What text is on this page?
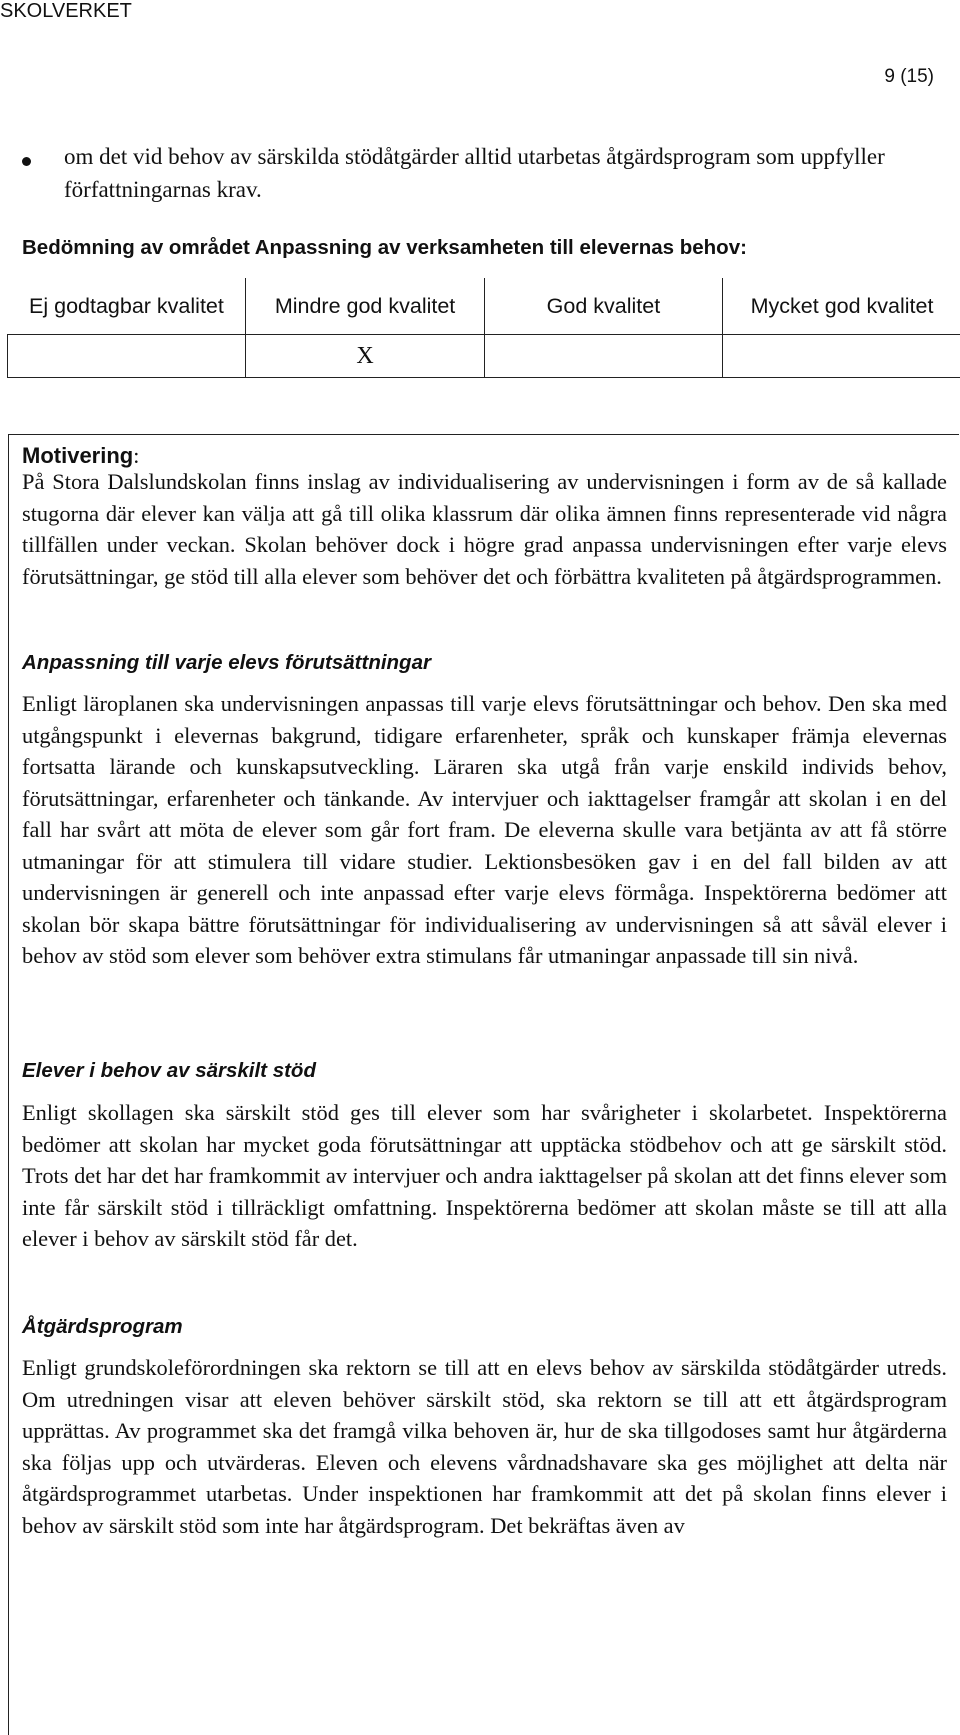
SKOLVERKET
9 (15)
om det vid behov av särskilda stödåtgärder alltid utarbetas åtgärdsprogram som uppfyller författningarnas krav.
Bedömning av området Anpassning av verksamheten till elevernas behov:
Ej godtagbar kvalitet	Mindre god kvalitet	God kvalitet	Mycket god kvalitet
	X		
Motivering:

På Stora Dalslundskolan finns inslag av individualisering av undervisningen i form av de så kallade stugorna där elever kan välja att gå till olika klassrum där olika ämnen finns representerade vid några tillfällen under veckan. Skolan behöver dock i högre grad anpassa undervisningen efter varje elevs förutsättningar, ge stöd till alla elever som behöver det och förbättra kvaliteten på åtgärdsprogrammen.

Anpassning till varje elevs förutsättningar

Enligt läroplanen ska undervisningen anpassas till varje elevs förutsättningar och behov. Den ska med utgångspunkt i elevernas bakgrund, tidigare erfarenheter, språk och kunskaper främja elevernas fortsatta lärande och kunskapsutveckling. Läraren ska utgå från varje enskild individs behov, förutsättningar, erfarenheter och tänkande. Av intervjuer och iakttagelser framgår att skolan i en del fall har svårt att möta de elever som går fort fram. De eleverna skulle vara betjänta av att få större utmaningar för att stimulera till vidare studier. Lektionsbesöken gav i en del fall bilden av att undervisningen är generell och inte anpassad efter varje elevs förmåga. Inspektörerna bedömer att skolan bör skapa bättre förutsättningar för individualisering av undervisningen så att såväl elever i behov av stöd som elever som behöver extra stimulans får utmaningar anpassade till sin nivå.

Elever i behov av särskilt stöd

Enligt skollagen ska särskilt stöd ges till elever som har svårigheter i skolarbetet. Inspektörerna bedömer att skolan har mycket goda förutsättningar att upptäcka stödbehov och att ge särskilt stöd. Trots det har det har framkommit av intervjuer och andra iakttagelser på skolan att det finns elever som inte får särskilt stöd i tillräckligt omfattning. Inspektörerna bedömer att skolan måste se till att alla elever i behov av särskilt stöd får det.

Åtgärdsprogram

Enligt grundskoleförordningen ska rektorn se till att en elevs behov av särskilda stödåtgärder utreds. Om utredningen visar att eleven behöver särskilt stöd, ska rektorn se till att ett åtgärdsprogram upprättas. Av programmet ska det framgå vilka behoven är, hur de ska tillgodoses samt hur åtgärderna ska följas upp och utvärderas. Eleven och elevens vårdnadshavare ska ges möjlighet att delta när åtgärdsprogrammet utarbetas. Under inspektionen har framkommit att det på skolan finns elever i behov av särskilt stöd som inte har åtgärdsprogram. Det bekräftas även av
